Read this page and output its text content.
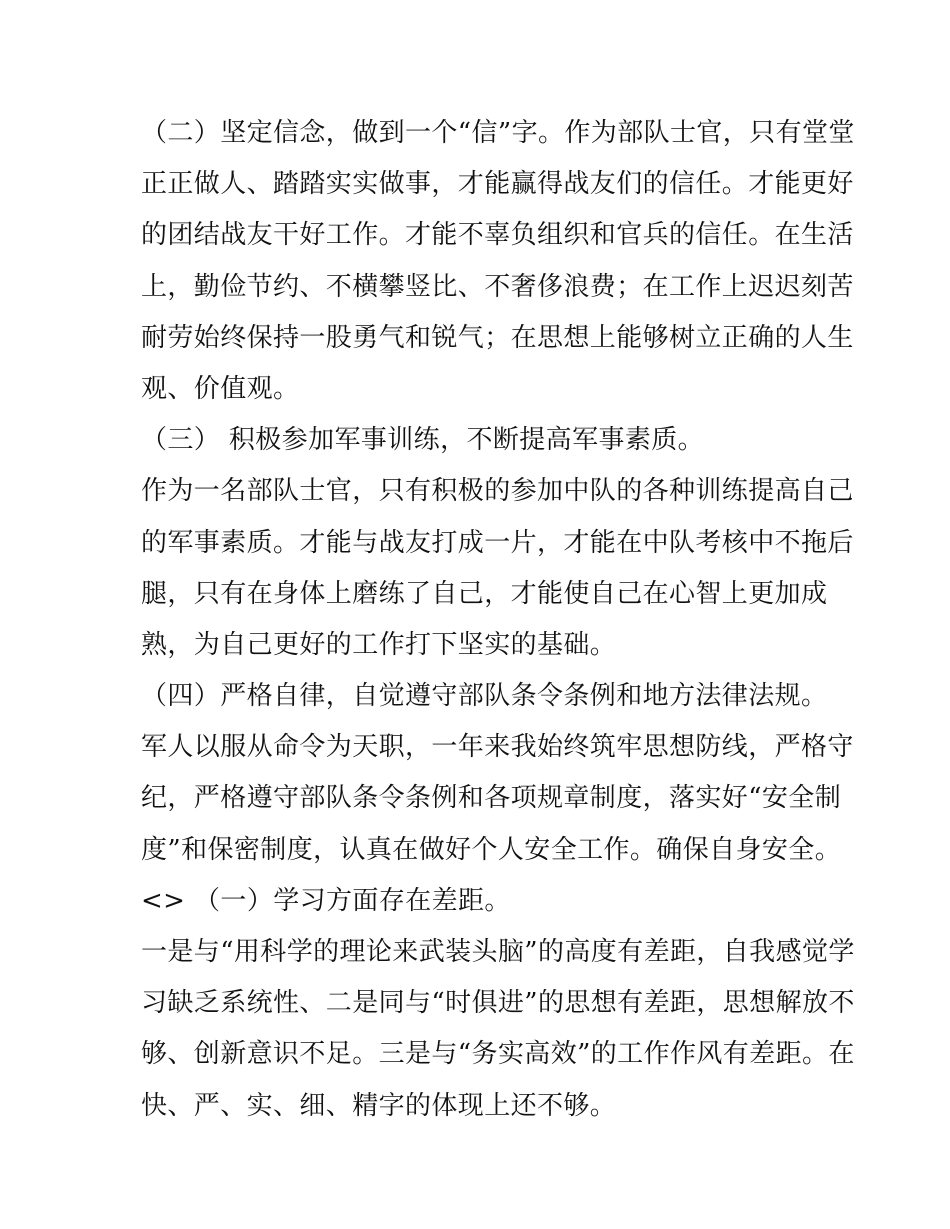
（二）坚定信念，做到一个“信”字。作为部队士官，只有堂堂
正正做人、踏踏实实做事，才能赢得战友们的信任。才能更好
的团结战友干好工作。才能不辜负组织和官兵的信任。在生活
上，勤俭节约、不横攀竖比、不奢侈浪费；在工作上迟迟刻苦
耐劳始终保持一股勇气和锐气；在思想上能够树立正确的人生
观、价值观。
（三） 积极参加军事训练，不断提高军事素质。
作为一名部队士官，只有积极的参加中队的各种训练提高自己
的军事素质。才能与战友打成一片，才能在中队考核中不拖后
腿，只有在身体上磨练了自己，才能使自己在心智上更加成
熟，为自己更好的工作打下坚实的基础。
（四）严格自律，自觉遵守部队条令条例和地方法律法规。
军人以服从命令为天职，一年来我始终筑牢思想防线，严格守
纪，严格遵守部队条令条例和各项规章制度，落实好“安全制
度”和保密制度，认真在做好个人安全工作。确保自身安全。
<> （一）学习方面存在差距。
一是与“用科学的理论来武装头脑”的高度有差距，自我感觉学
习缺乏系统性、二是同与“时俱进”的思想有差距，思想解放不
够、创新意识不足。三是与“务实高效”的工作作风有差距。在
快、严、实、细、精字的体现上还不够。
